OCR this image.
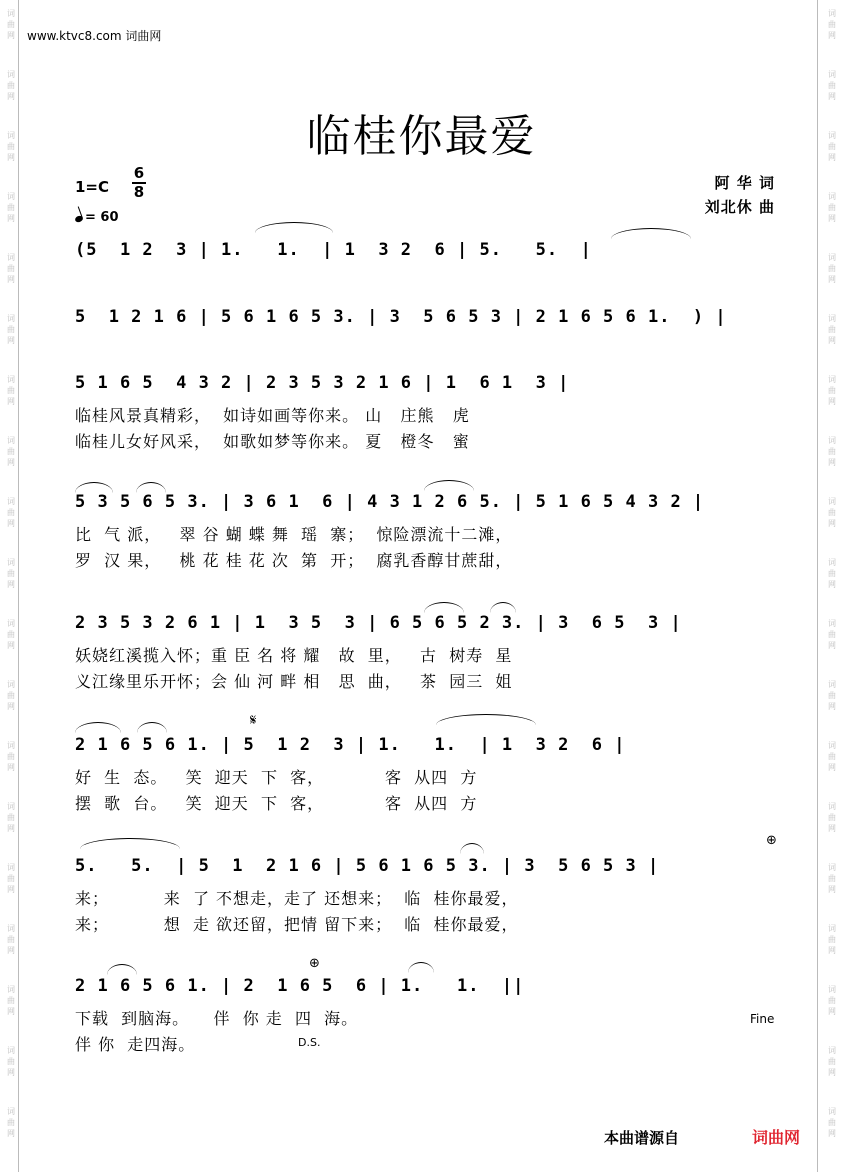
词
曲
网
词
曲
网
词
曲
网
词
曲
网
词
曲
网
词
曲
网
词
曲
网
词
曲
网
词
曲
网
词
曲
网
词
曲
网
词
曲
网
词
曲
网
词
曲
网
词
曲
网
词
曲
网
词
曲
网
词
曲
网
词
曲
网
词
曲
网
词
曲
网
词
曲
网
词
曲
网
词
曲
网
词
曲
网
词
曲
网
词
曲
网
词
曲
网
词
曲
网
词
曲
网
词
曲
网
词
曲
网
词
曲
网
词
曲
网
词
曲
网
词
曲
网
词
曲
网
词
曲
网
www.ktvc8.com 词曲网
临桂你最爱
1=C
6
8
= 60
阿 华 词
刘北休 曲
(5  1 2  3 | 1.   1.  | 1  3 2  6 | 5.   5.  |
5  1 2 1 6 | 5 6 1 6 5 3. | 3  5 6 5 3 | 2 1 6 5 6 1.  ) |
5 1 6 5  4 3 2 | 2 3 5 3 2 1 6 | 1  6 1  3 |
临桂风景真精彩，  如诗如画等你来。 山   庄熊   虎
临桂儿女好风采，  如歌如梦等你来。 夏   橙冬   蜜
5 3 5 6 5 3. | 3 6 1  6 | 4 3 1 2 6 5. | 5 1 6 5 4 3 2 |
比  气 派，   翠 谷 蝴 蝶 舞  瑶  寨；  惊险漂流十二滩，
罗  汉 果，   桃 花 桂 花 次  第  开；  腐乳香醇甘蔗甜，
2 3 5 3 2 6 1 | 1  3 5  3 | 6 5 6 5 2 3. | 3  6 5  3 |
妖娆红溪揽入怀；重 臣 名 将 耀   故  里，   古  树寿  星
义江缘里乐开怀；会 仙 河 畔 相   思  曲，   茶  园三  姐
𝄋
2 1 6 5 6 1. | 5  1 2  3 | 1.   1.  | 1  3 2  6 |
好  生  态。   笑  迎天  下  客，          客  从四  方
摆  歌  台。   笑  迎天  下  客，          客  从四  方
⊕
5.   5.  | 5  1  2 1 6 | 5 6 1 6 5 3. | 3  5 6 5 3 |
来；         来  了 不想走，走了 还想来；  临  桂你最爱，
来；         想  走 欲还留，把情 留下来；  临  桂你最爱，
⊕
2 1 6 5 6 1. | 2  1 6 5  6 | 1.   1.  ||
下载  到脑海。    伴  你 走  四  海。
伴 你  走四海。
Fine
D.S.
本曲谱源自	词曲网
